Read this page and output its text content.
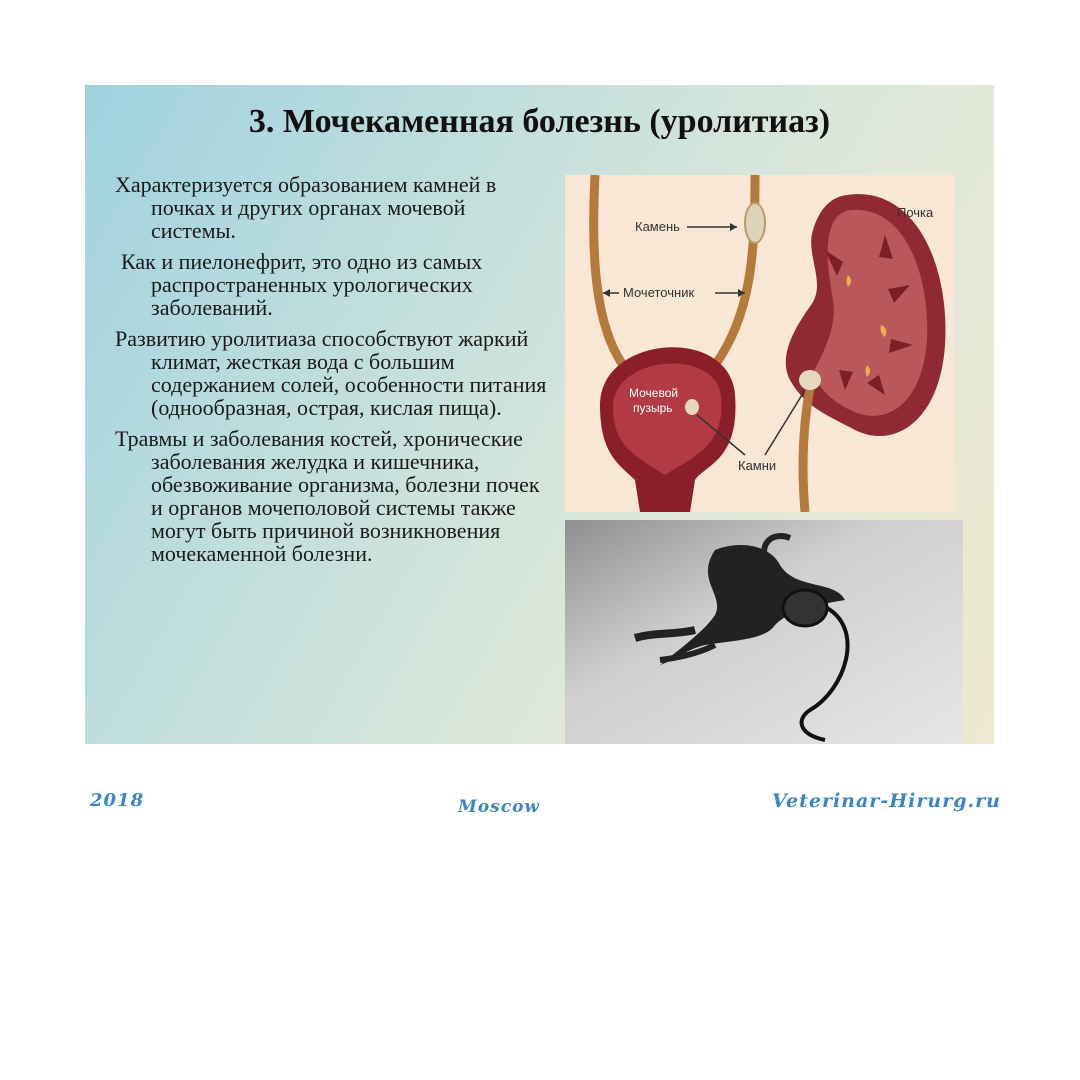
3. Мочекаменная болезнь (уролитиаз)

Характеризуется образованием камней в почках и других органах мочевой системы.

Как и пиелонефрит, это одно из самых распространенных урологических заболеваний.

Развитию уролитиаза способствуют жаркий климат, жесткая вода с большим содержанием солей, особенности питания (однообразная, острая, кислая пища).

Травмы и заболевания костей, хронические заболевания желудка и кишечника, обезвоживание организма, болезни почек и органов мочеполовой системы также могут быть причиной возникновения мочекаменной болезни.

Мочевой
пузырь
Камень
Мочеточник
Почка
Камни
2018	Moscow	Veterinar-Hirurg.ru
